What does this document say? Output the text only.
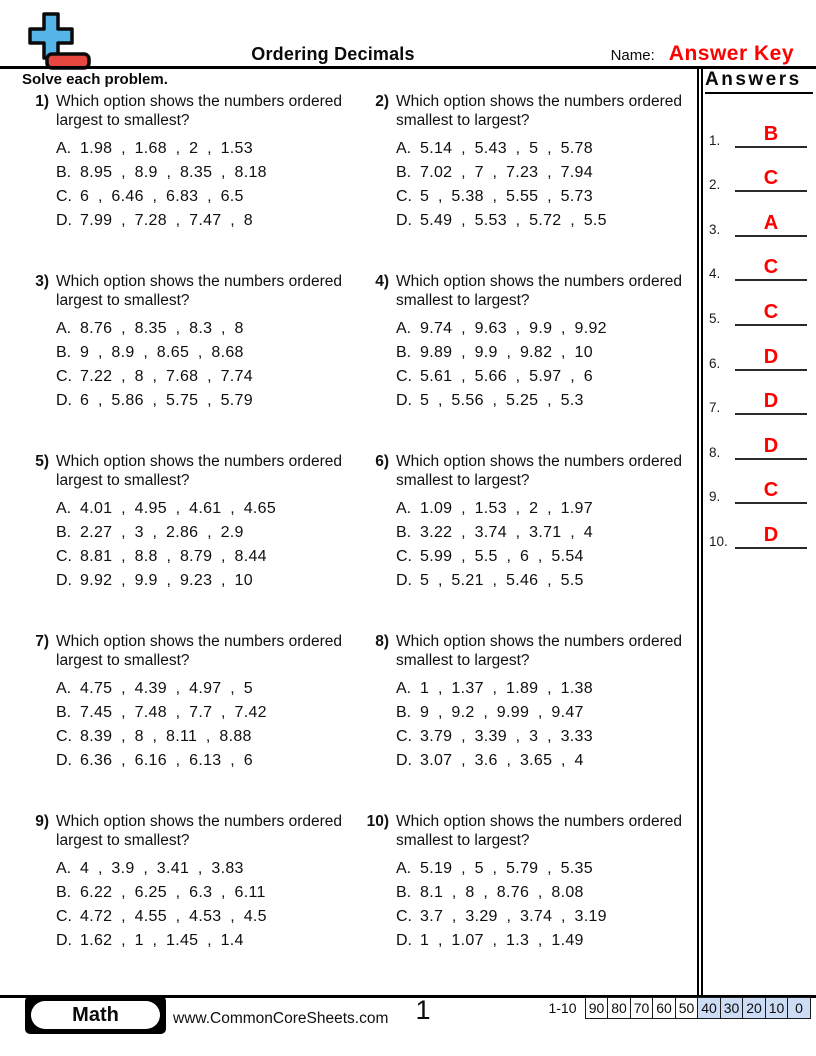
Ordering Decimals	Name: Answer Key
Solve each problem.
1) Which option shows the numbers ordered largest to smallest?
A. 1.98 , 1.68 , 2 , 1.53
B. 8.95 , 8.9 , 8.35 , 8.18
C. 6 , 6.46 , 6.83 , 6.5
D. 7.99 , 7.28 , 7.47 , 8
2) Which option shows the numbers ordered smallest to largest?
A. 5.14 , 5.43 , 5 , 5.78
B. 7.02 , 7 , 7.23 , 7.94
C. 5 , 5.38 , 5.55 , 5.73
D. 5.49 , 5.53 , 5.72 , 5.5
3) Which option shows the numbers ordered largest to smallest?
A. 8.76 , 8.35 , 8.3 , 8
B. 9 , 8.9 , 8.65 , 8.68
C. 7.22 , 8 , 7.68 , 7.74
D. 6 , 5.86 , 5.75 , 5.79
4) Which option shows the numbers ordered smallest to largest?
A. 9.74 , 9.63 , 9.9 , 9.92
B. 9.89 , 9.9 , 9.82 , 10
C. 5.61 , 5.66 , 5.97 , 6
D. 5 , 5.56 , 5.25 , 5.3
5) Which option shows the numbers ordered largest to smallest?
A. 4.01 , 4.95 , 4.61 , 4.65
B. 2.27 , 3 , 2.86 , 2.9
C. 8.81 , 8.8 , 8.79 , 8.44
D. 9.92 , 9.9 , 9.23 , 10
6) Which option shows the numbers ordered smallest to largest?
A. 1.09 , 1.53 , 2 , 1.97
B. 3.22 , 3.74 , 3.71 , 4
C. 5.99 , 5.5 , 6 , 5.54
D. 5 , 5.21 , 5.46 , 5.5
7) Which option shows the numbers ordered largest to smallest?
A. 4.75 , 4.39 , 4.97 , 5
B. 7.45 , 7.48 , 7.7 , 7.42
C. 8.39 , 8 , 8.11 , 8.88
D. 6.36 , 6.16 , 6.13 , 6
8) Which option shows the numbers ordered smallest to largest?
A. 1 , 1.37 , 1.89 , 1.38
B. 9 , 9.2 , 9.99 , 9.47
C. 3.79 , 3.39 , 3 , 3.33
D. 3.07 , 3.6 , 3.65 , 4
9) Which option shows the numbers ordered largest to smallest?
A. 4 , 3.9 , 3.41 , 3.83
B. 6.22 , 6.25 , 6.3 , 6.11
C. 4.72 , 4.55 , 4.53 , 4.5
D. 1.62 , 1 , 1.45 , 1.4
10) Which option shows the numbers ordered smallest to largest?
A. 5.19 , 5 , 5.79 , 5.35
B. 8.1 , 8 , 8.76 , 8.08
C. 3.7 , 3.29 , 3.74 , 3.19
D. 1 , 1.07 , 1.3 , 1.49
Answers
1.	B
2.	C
3.	A
4.	C
5.	C
6.	D
7.	D
8.	D
9.	C
10.	D
Math	www.CommonCoreSheets.com	1	1-10 90 80 70 60 50 40 30 20 10 0
